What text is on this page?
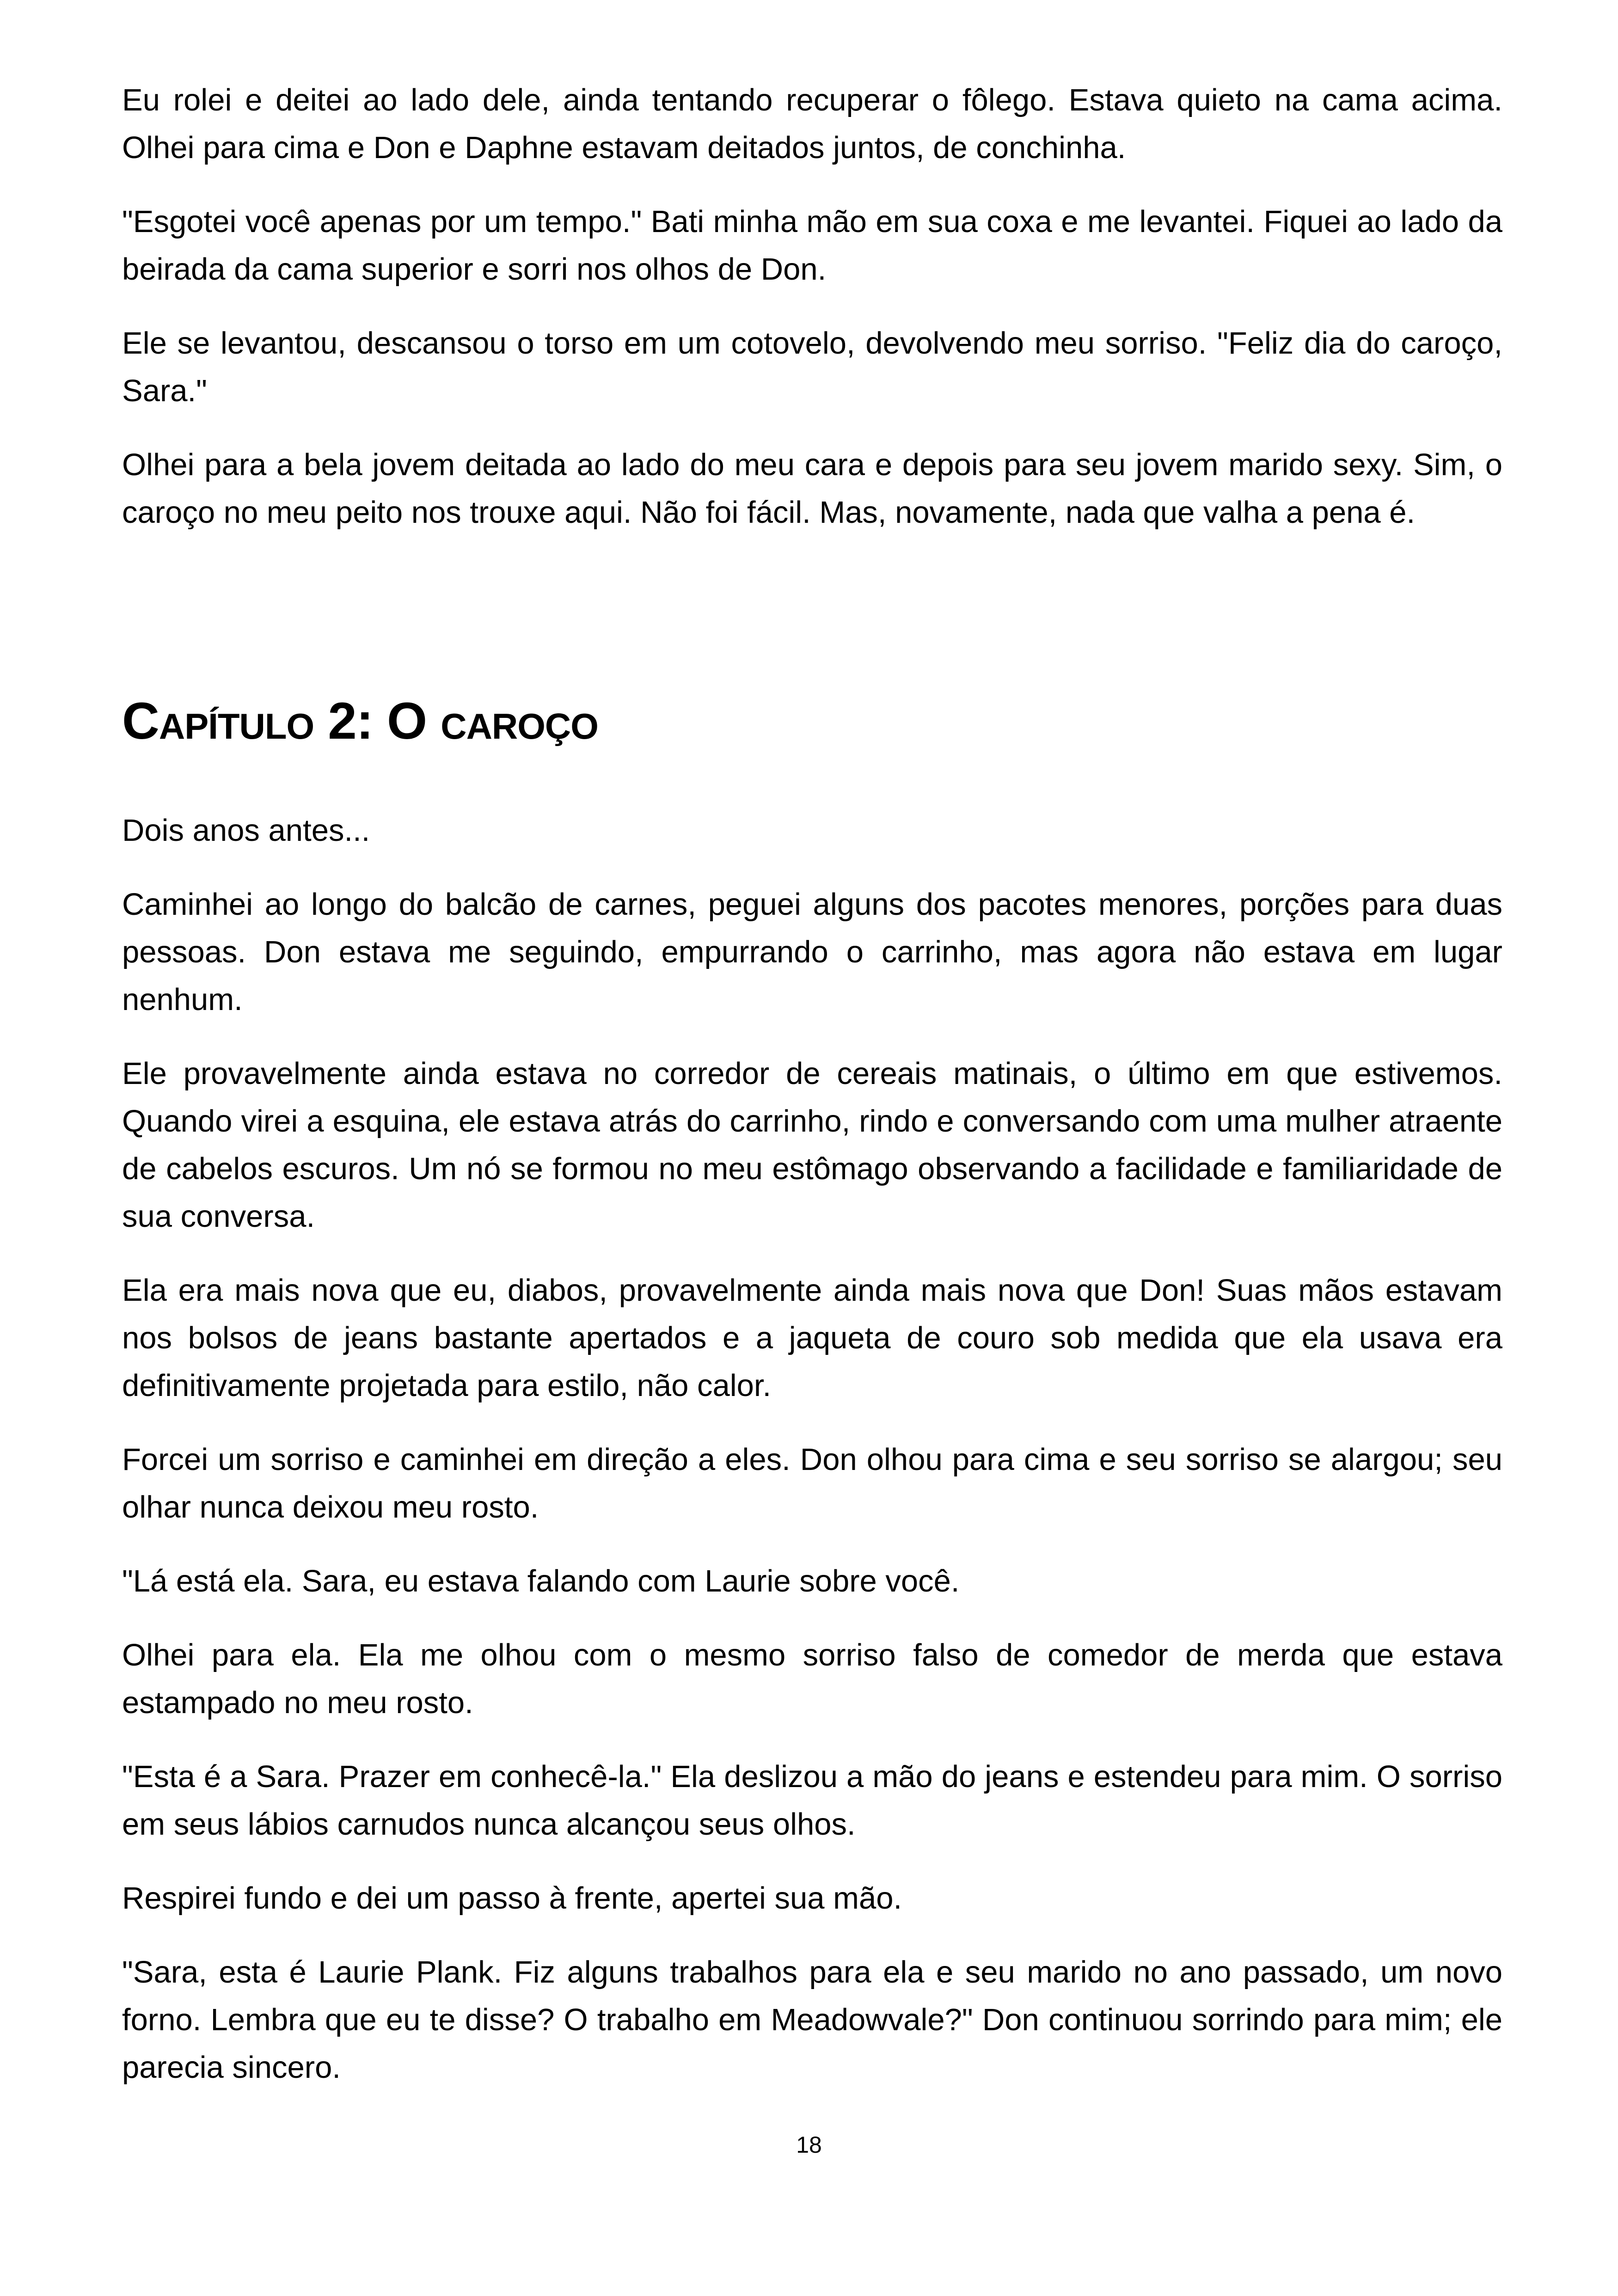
Eu rolei e deitei ao lado dele, ainda tentando recuperar o fôlego. Estava quieto na cama acima. Olhei para cima e Don e Daphne estavam deitados juntos, de conchinha.

"Esgotei você apenas por um tempo." Bati minha mão em sua coxa e me levantei. Fiquei ao lado da beirada da cama superior e sorri nos olhos de Don.

Ele se levantou, descansou o torso em um cotovelo, devolvendo meu sorriso. "Feliz dia do caroço, Sara."

Olhei para a bela jovem deitada ao lado do meu cara e depois para seu jovem marido sexy. Sim, o caroço no meu peito nos trouxe aqui. Não foi fácil. Mas, novamente, nada que valha a pena é.

Capítulo 2: O caroço

Dois anos antes...

Caminhei ao longo do balcão de carnes, peguei alguns dos pacotes menores, porções para duas pessoas. Don estava me seguindo, empurrando o carrinho, mas agora não estava em lugar nenhum.

Ele provavelmente ainda estava no corredor de cereais matinais, o último em que estivemos. Quando virei a esquina, ele estava atrás do carrinho, rindo e conversando com uma mulher atraente de cabelos escuros. Um nó se formou no meu estômago observando a facilidade e familiaridade de sua conversa.

Ela era mais nova que eu, diabos, provavelmente ainda mais nova que Don! Suas mãos estavam nos bolsos de jeans bastante apertados e a jaqueta de couro sob medida que ela usava era definitivamente projetada para estilo, não calor.

Forcei um sorriso e caminhei em direção a eles. Don olhou para cima e seu sorriso se alargou; seu olhar nunca deixou meu rosto.

"Lá está ela. Sara, eu estava falando com Laurie sobre você.

Olhei para ela. Ela me olhou com o mesmo sorriso falso de comedor de merda que estava estampado no meu rosto.

"Esta é a Sara. Prazer em conhecê-la." Ela deslizou a mão do jeans e estendeu para mim. O sorriso em seus lábios carnudos nunca alcançou seus olhos.

Respirei fundo e dei um passo à frente, apertei sua mão.

"Sara, esta é Laurie Plank. Fiz alguns trabalhos para ela e seu marido no ano passado, um novo forno. Lembra que eu te disse? O trabalho em Meadowvale?" Don continuou sorrindo para mim; ele parecia sincero.

18
